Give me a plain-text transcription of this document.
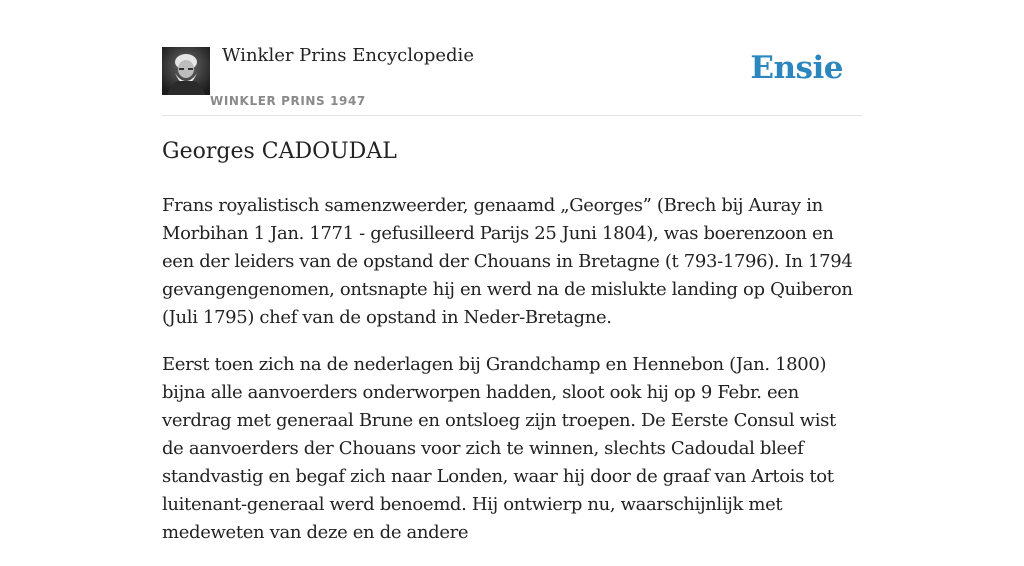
Winkler Prins Encyclopedie
WINKLER PRINS 1947
Ensie
Georges CADOUDAL

Frans royalistisch samenzweerder, genaamd „Georges” (Brech bij Auray in Morbihan 1 Jan. 1771 - gefusilleerd Parijs 25 Juni 1804), was boerenzoon en een der leiders van de opstand der Chouans in Bretagne (t 793-1796). In 1794 gevangengenomen, ontsnapte hij en werd na de mislukte landing op Quiberon (Juli 1795) chef van de opstand in Neder-Bretagne.

Eerst toen zich na de nederlagen bij Grandchamp en Hennebon (Jan. 1800) bijna alle aanvoerders onderworpen hadden, sloot ook hij op 9 Febr. een verdrag met generaal Brune en ontsloeg zijn troepen. De Eerste Consul wist de aanvoerders der Chouans voor zich te winnen, slechts Cadoudal bleef standvastig en begaf zich naar Londen, waar hij door de graaf van Artois tot luitenant-generaal werd benoemd. Hij ontwierp nu, waarschijnlijk met medeweten van deze en de andere
